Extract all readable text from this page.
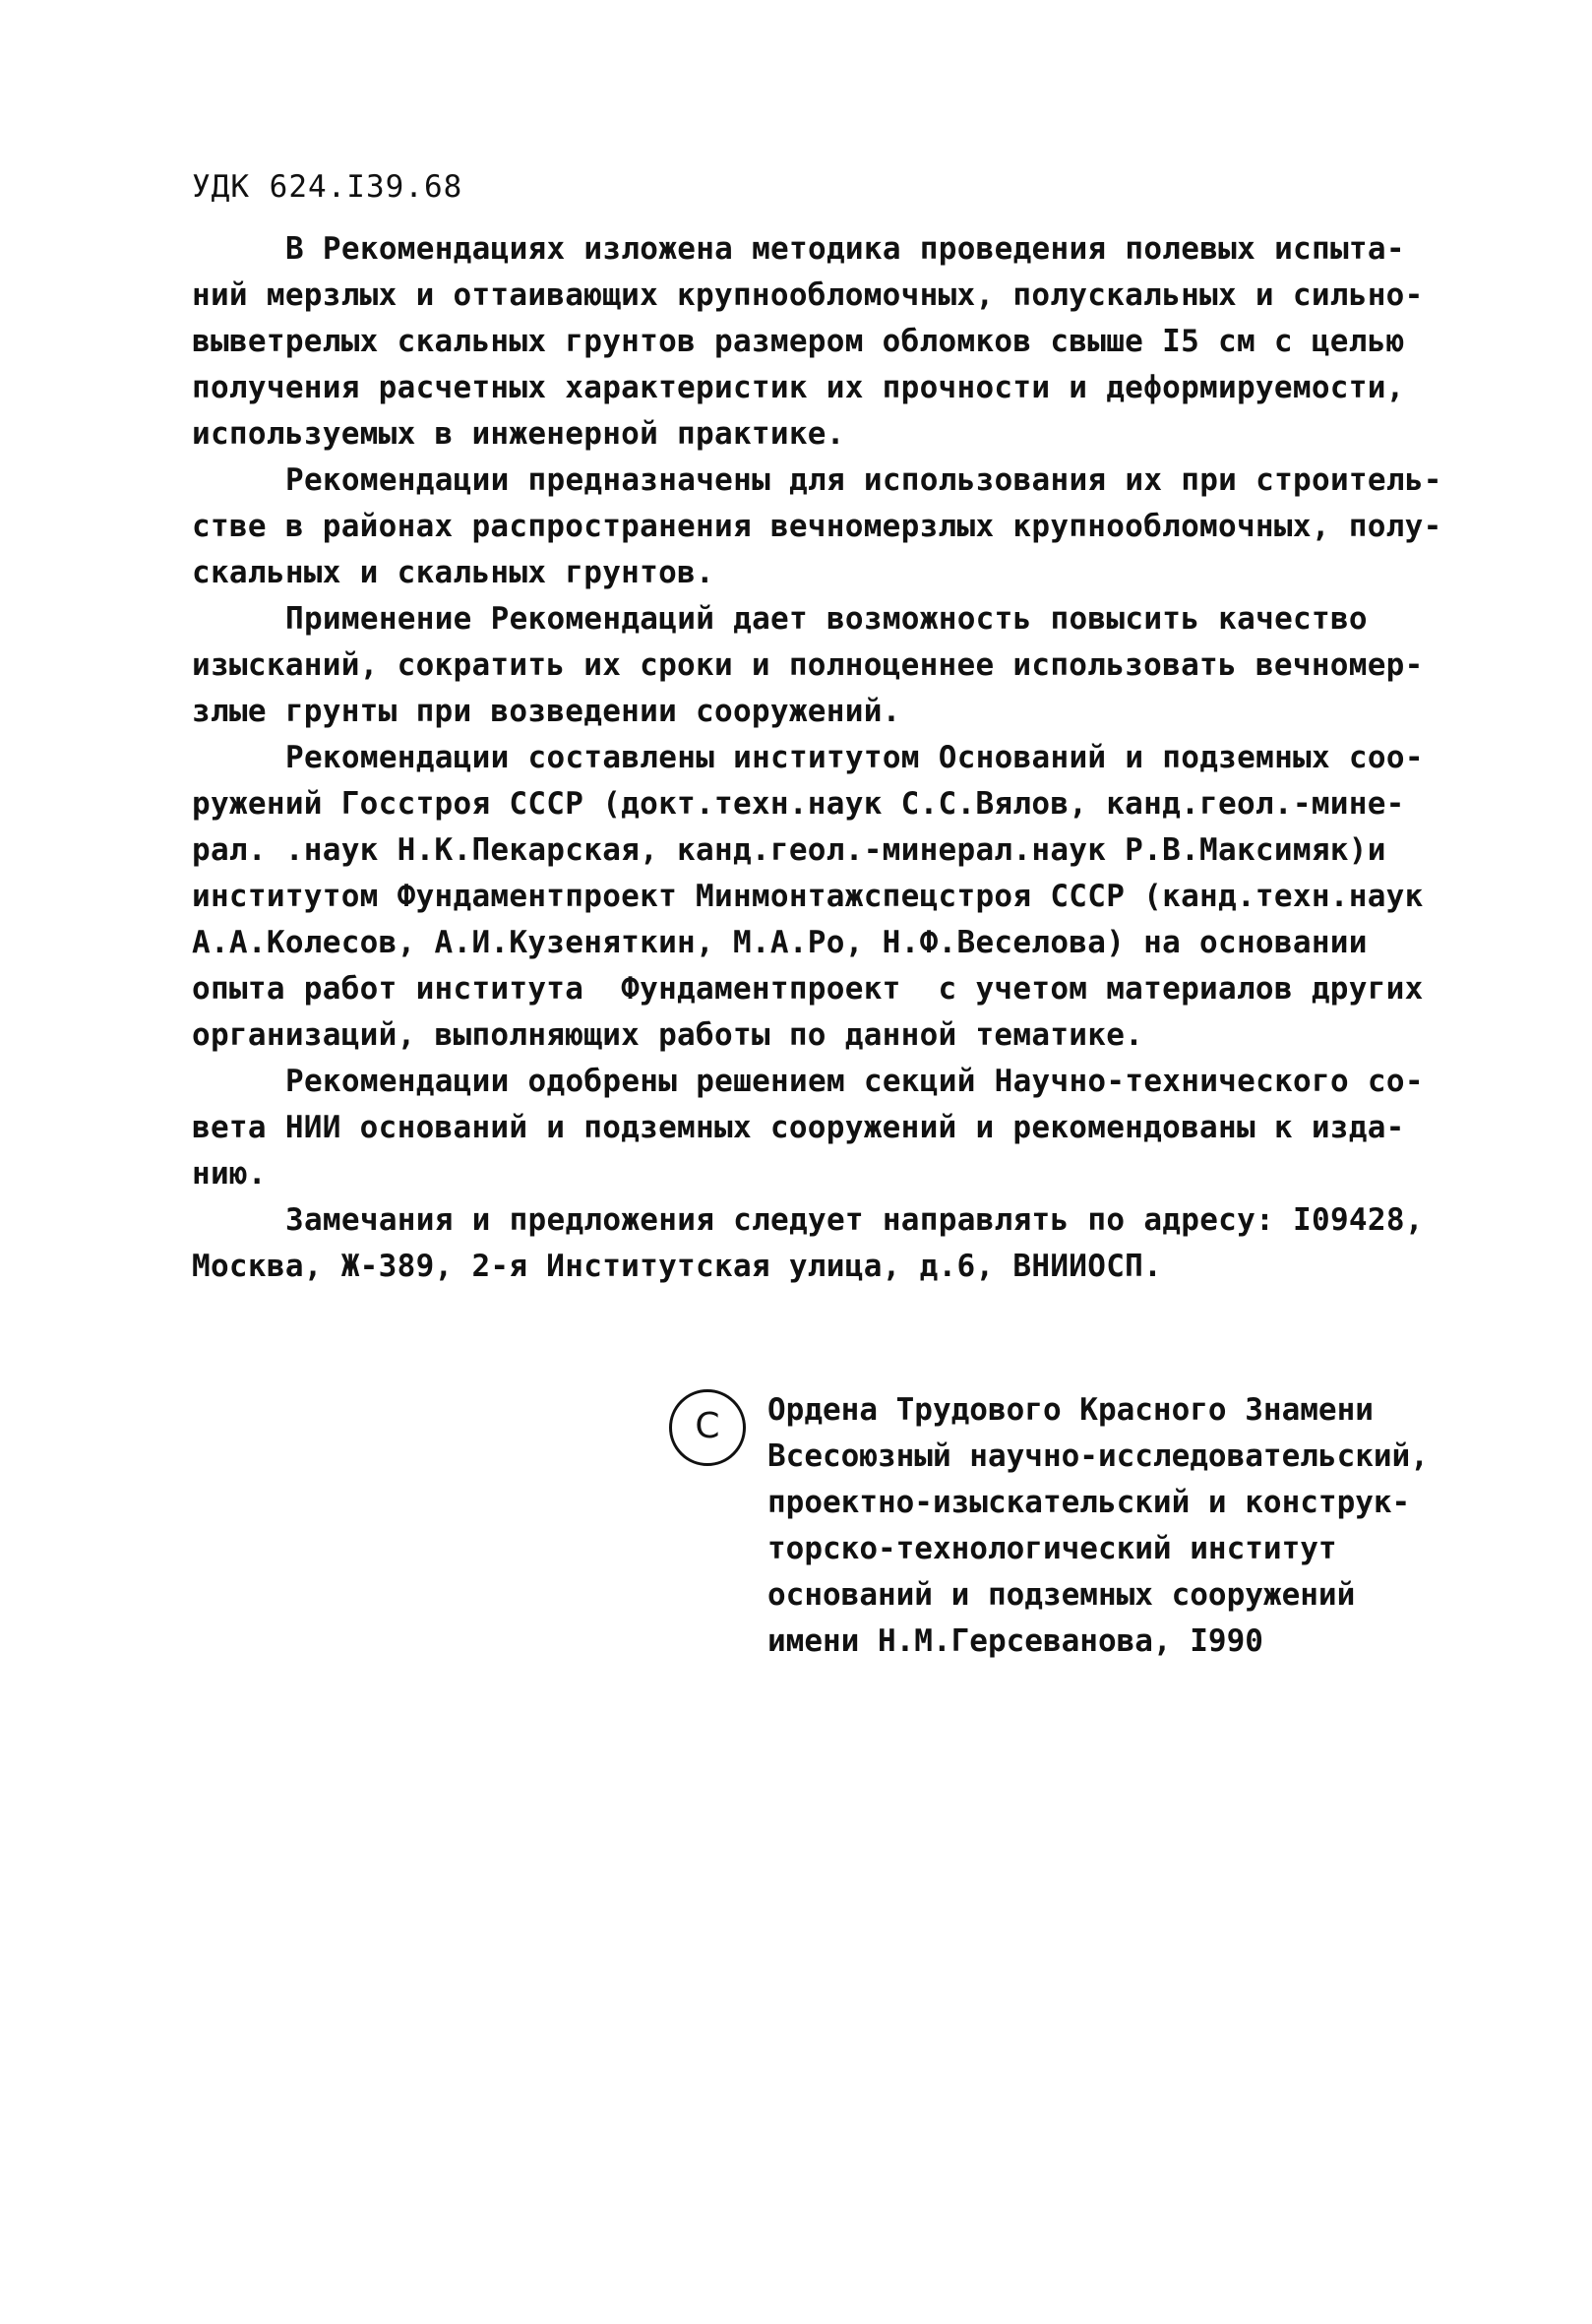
УДК 624.I39.68
В Рекомендациях изложена методика проведения полевых испыта-
ний мерзлых и оттаивающих крупнообломочных, полускальных и сильно-
выветрелых скальных грунтов размером обломков свыше I5 см с целью
получения расчетных характеристик их прочности и деформируемости,
используемых в инженерной практике.
Рекомендации предназначены для использования их при строитель-
стве в районах распространения вечномерзлых крупнообломочных, полу-
скальных и скальных грунтов.
Применение Рекомендаций дает возможность повысить качество
изысканий, сократить их сроки и полноценнее использовать вечномер-
злые грунты при возведении сооружений.
Рекомендации составлены институтом Оснований и подземных соо-
ружений Госстроя СССР (докт.техн.наук С.С.Вялов, канд.геол.-мине-
рал. .наук Н.К.Пекарская, канд.геол.-минерал.наук Р.В.Максимяк)и
институтом Фундаментпроект Минмонтажспецстроя СССР (канд.техн.наук
А.А.Колесов, А.И.Кузеняткин, М.А.Ро, Н.Ф.Веселова) на основании
опыта работ института  Фундаментпроект  с учетом материалов других
организаций, выполняющих работы по данной тематике.
Рекомендации одобрены решением секций Научно-технического со-
вета НИИ оснований и подземных сооружений и рекомендованы к изда-
нию.
Замечания и предложения следует направлять по адресу: I09428,
Москва, Ж-389, 2-я Институтская улица, д.6, ВНИИОСП.
С	Ордена Трудового Красного Знамени
Всесоюзный научно-исследовательский,
проектно-изыскательский и конструк-
торско-технологический институт
оснований и подземных сооружений
имени Н.М.Герсеванова, I990
